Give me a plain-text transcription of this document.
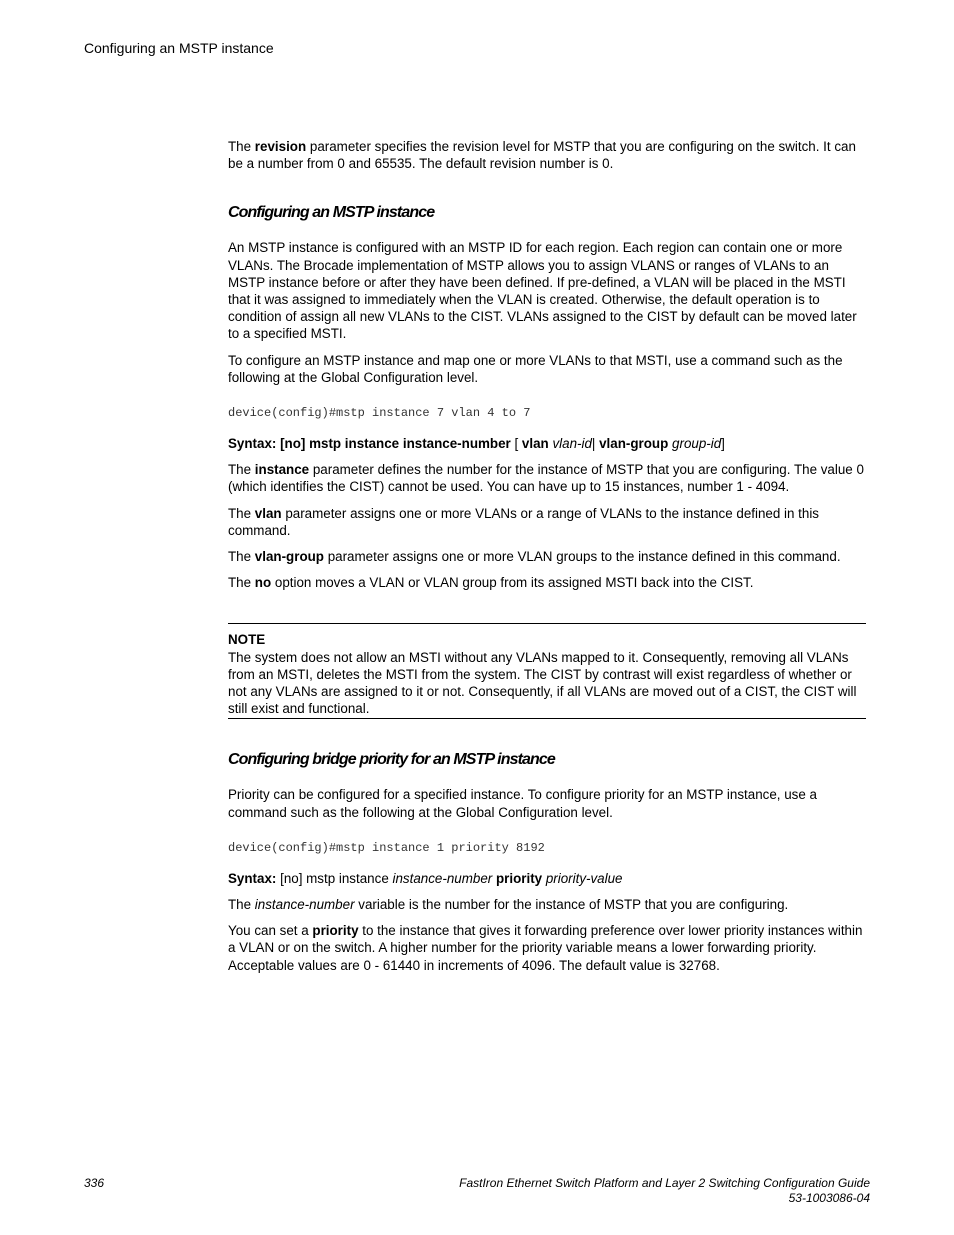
Configuring an MSTP instance

The revision parameter specifies the revision level for MSTP that you are configuring on the switch. It can be a number from 0 and 65535. The default revision number is 0.

Configuring an MSTP instance

An MSTP instance is configured with an MSTP ID for each region. Each region can contain one or more VLANs. The Brocade implementation of MSTP allows you to assign VLANS or ranges of VLANs to an MSTP instance before or after they have been defined. If pre-defined, a VLAN will be placed in the MSTI that it was assigned to immediately when the VLAN is created. Otherwise, the default operation is to condition of assign all new VLANs to the CIST. VLANs assigned to the CIST by default can be moved later to a specified MSTI.

To configure an MSTP instance and map one or more VLANs to that MSTI, use a command such as the following at the Global Configuration level.

device(config)#mstp instance 7 vlan 4 to 7

Syntax: [no] mstp instance instance-number [ vlan vlan-id| vlan-group group-id]

The instance parameter defines the number for the instance of MSTP that you are configuring. The value 0 (which identifies the CIST) cannot be used. You can have up to 15 instances, number 1 - 4094.

The vlan parameter assigns one or more VLANs or a range of VLANs to the instance defined in this command.

The vlan-group parameter assigns one or more VLAN groups to the instance defined in this command.

The no option moves a VLAN or VLAN group from its assigned MSTI back into the CIST.

NOTE

The system does not allow an MSTI without any VLANs mapped to it. Consequently, removing all VLANs from an MSTI, deletes the MSTI from the system. The CIST by contrast will exist regardless of whether or not any VLANs are assigned to it or not. Consequently, if all VLANs are moved out of a CIST, the CIST will still exist and functional.

Configuring bridge priority for an MSTP instance

Priority can be configured for a specified instance. To configure priority for an MSTP instance, use a command such as the following at the Global Configuration level.

device(config)#mstp instance 1 priority 8192

Syntax: [no] mstp instance instance-number priority priority-value

The instance-number variable is the number for the instance of MSTP that you are configuring.

You can set a priority to the instance that gives it forwarding preference over lower priority instances within a VLAN or on the switch. A higher number for the priority variable means a lower forwarding priority. Acceptable values are 0 - 61440 in increments of 4096. The default value is 32768.

336	FastIron Ethernet Switch Platform and Layer 2 Switching Configuration Guide
53-1003086-04
